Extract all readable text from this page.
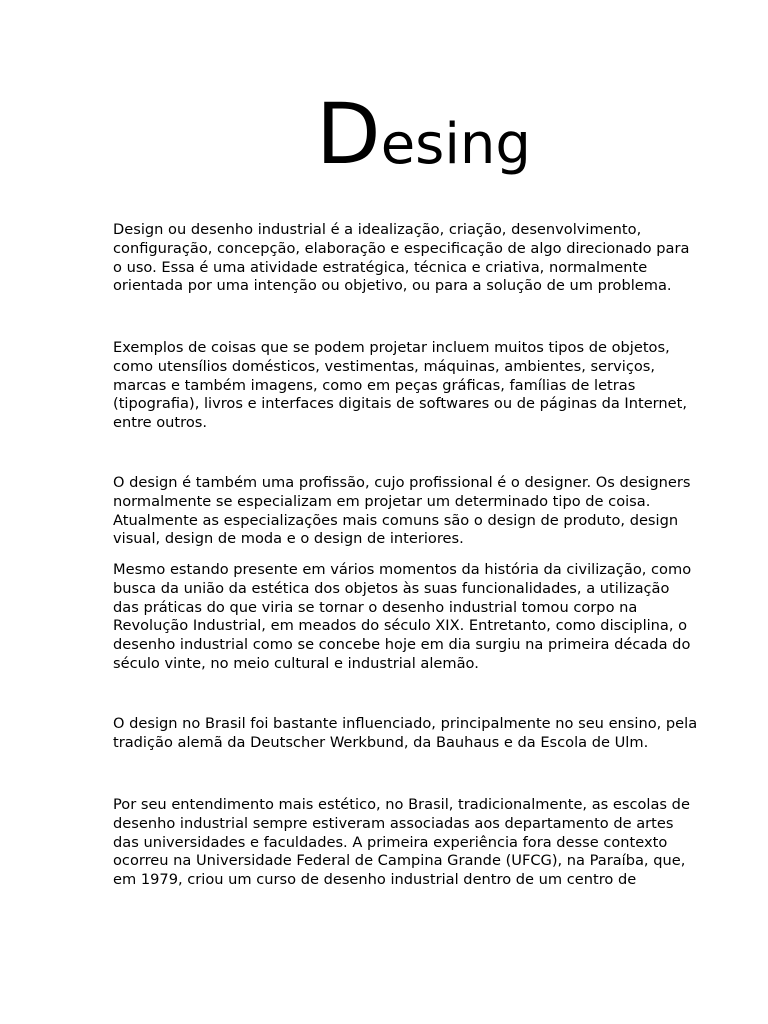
Desing

Design ou desenho industrial é a idealização, criação, desenvolvimento,
configuração, concepção, elaboração e especificação de algo direcionado para
o uso. Essa é uma atividade estratégica, técnica e criativa, normalmente
orientada por uma intenção ou objetivo, ou para a solução de um problema.

Exemplos de coisas que se podem projetar incluem muitos tipos de objetos,
como utensílios domésticos, vestimentas, máquinas, ambientes, serviços,
marcas e também imagens, como em peças gráficas, famílias de letras
(tipografia), livros e interfaces digitais de softwares ou de páginas da Internet,
entre outros.

O design é também uma profissão, cujo profissional é o designer. Os designers
normalmente se especializam em projetar um determinado tipo de coisa.
Atualmente as especializações mais comuns são o design de produto, design
visual, design de moda e o design de interiores.

Mesmo estando presente em vários momentos da história da civilização, como
busca da união da estética dos objetos às suas funcionalidades, a utilização
das práticas do que viria se tornar o desenho industrial tomou corpo na
Revolução Industrial, em meados do século XIX. Entretanto, como disciplina, o
desenho industrial como se concebe hoje em dia surgiu na primeira década do
século vinte, no meio cultural e industrial alemão.

O design no Brasil foi bastante influenciado, principalmente no seu ensino, pela
tradição alemã da Deutscher Werkbund, da Bauhaus e da Escola de Ulm.

Por seu entendimento mais estético, no Brasil, tradicionalmente, as escolas de
desenho industrial sempre estiveram associadas aos departamento de artes
das universidades e faculdades. A primeira experiência fora desse contexto
ocorreu na Universidade Federal de Campina Grande (UFCG), na Paraíba, que,
em 1979, criou um curso de desenho industrial dentro de um centro de
